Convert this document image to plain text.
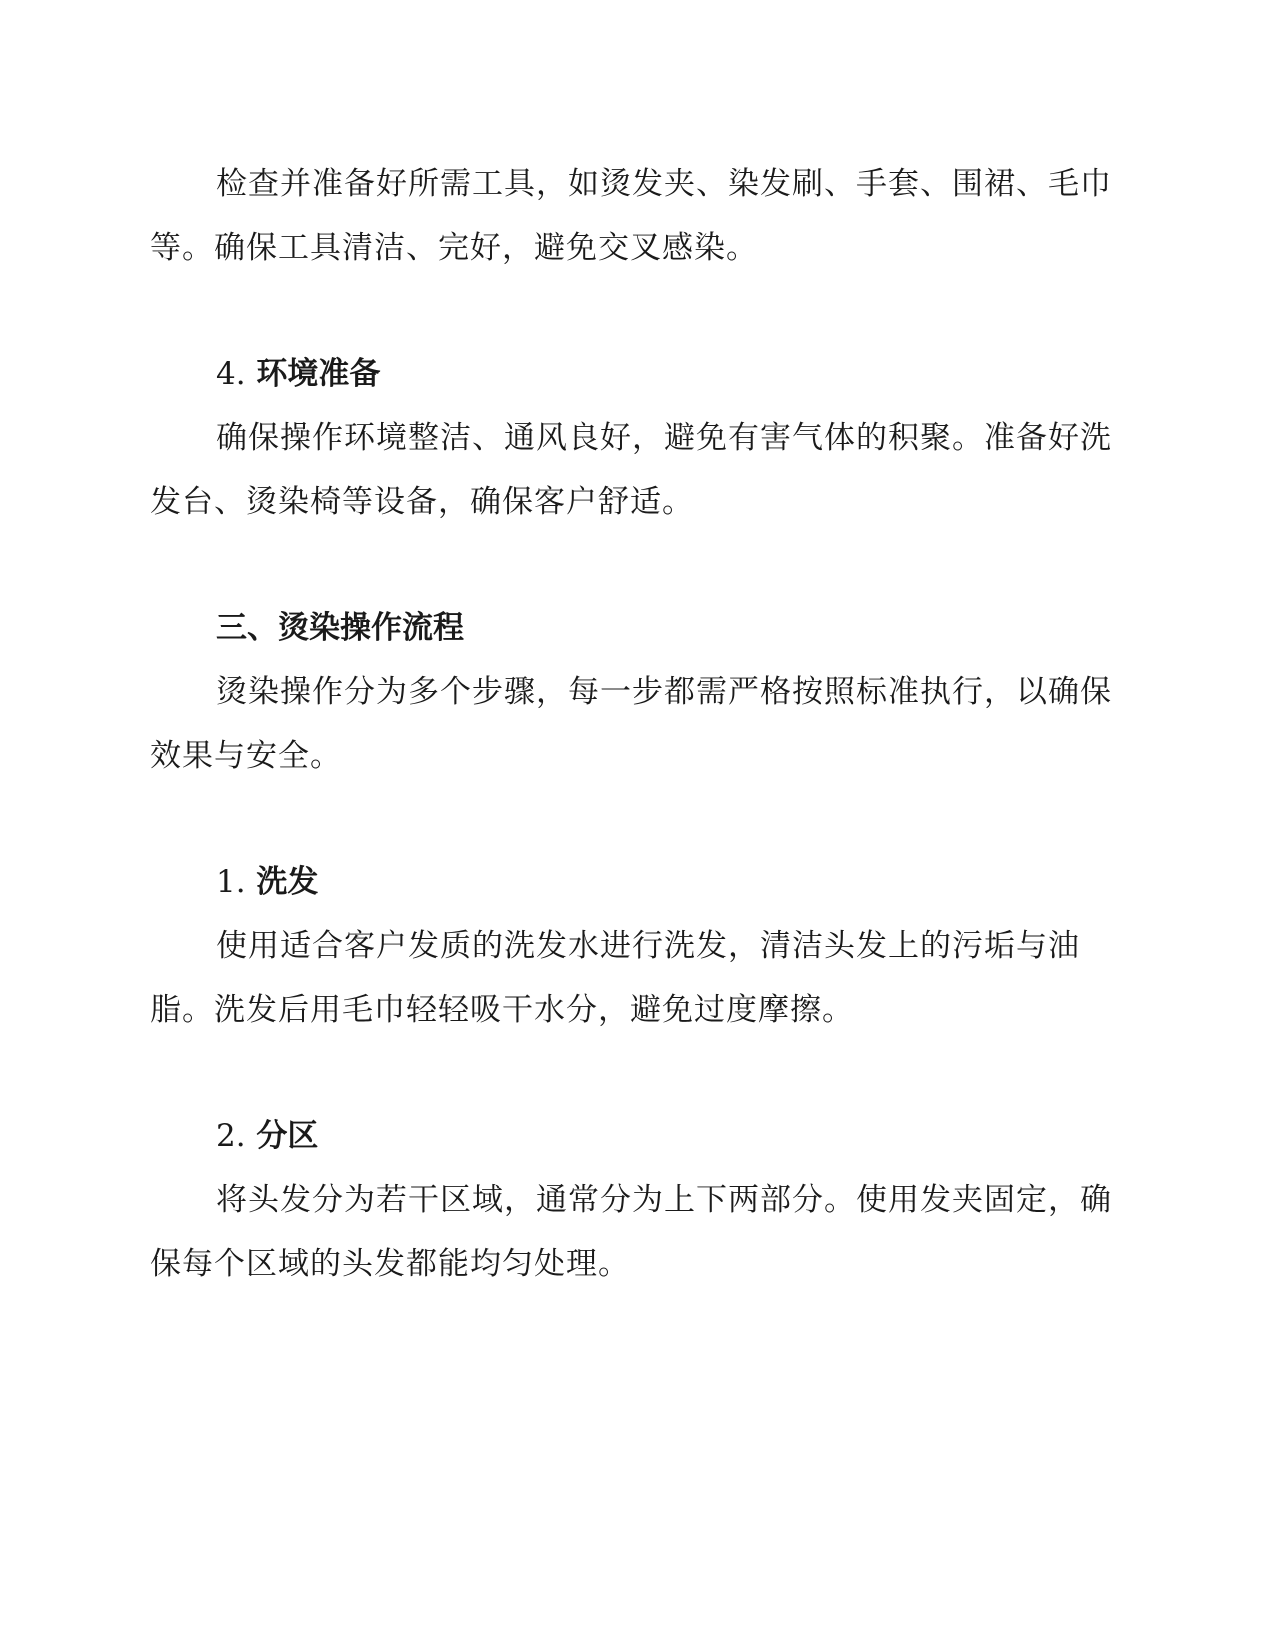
检查并准备好所需工具，如烫发夹、染发刷、手套、围裙、毛巾等。确保工具清洁、完好，避免交叉感染。

4. 环境准备

确保操作环境整洁、通风良好，避免有害气体的积聚。准备好洗发台、烫染椅等设备，确保客户舒适。

三、烫染操作流程

烫染操作分为多个步骤，每一步都需严格按照标准执行，以确保效果与安全。

1. 洗发

使用适合客户发质的洗发水进行洗发，清洁头发上的污垢与油脂。洗发后用毛巾轻轻吸干水分，避免过度摩擦。

2. 分区

将头发分为若干区域，通常分为上下两部分。使用发夹固定，确保每个区域的头发都能均匀处理。
